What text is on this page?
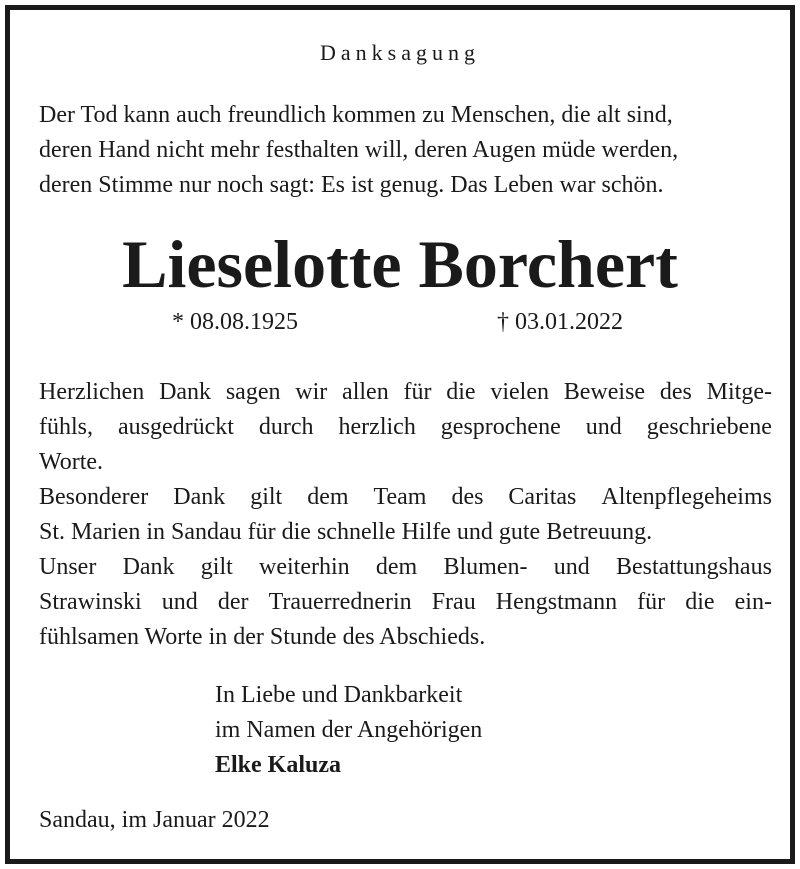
Danksagung
Der Tod kann auch freundlich kommen zu Menschen, die alt sind,
deren Hand nicht mehr festhalten will, deren Augen müde werden,
deren Stimme nur noch sagt: Es ist genug. Das Leben war schön.
Lieselotte Borchert
* 08.08.1925	† 03.01.2022
Herzlichen Dank sagen wir allen für die vielen Beweise des Mitge-
fühls, ausgedrückt durch herzlich gesprochene und geschriebene
Worte.
Besonderer Dank gilt dem Team des Caritas Altenpflegeheims
St. Marien in Sandau für die schnelle Hilfe und gute Betreuung.
Unser Dank gilt weiterhin dem Blumen- und Bestattungshaus
Strawinski und der Trauerrednerin Frau Hengstmann für die ein-
fühlsamen Worte in der Stunde des Abschieds.
In Liebe und Dankbarkeit
im Namen der Angehörigen
Elke Kaluza
Sandau, im Januar 2022
